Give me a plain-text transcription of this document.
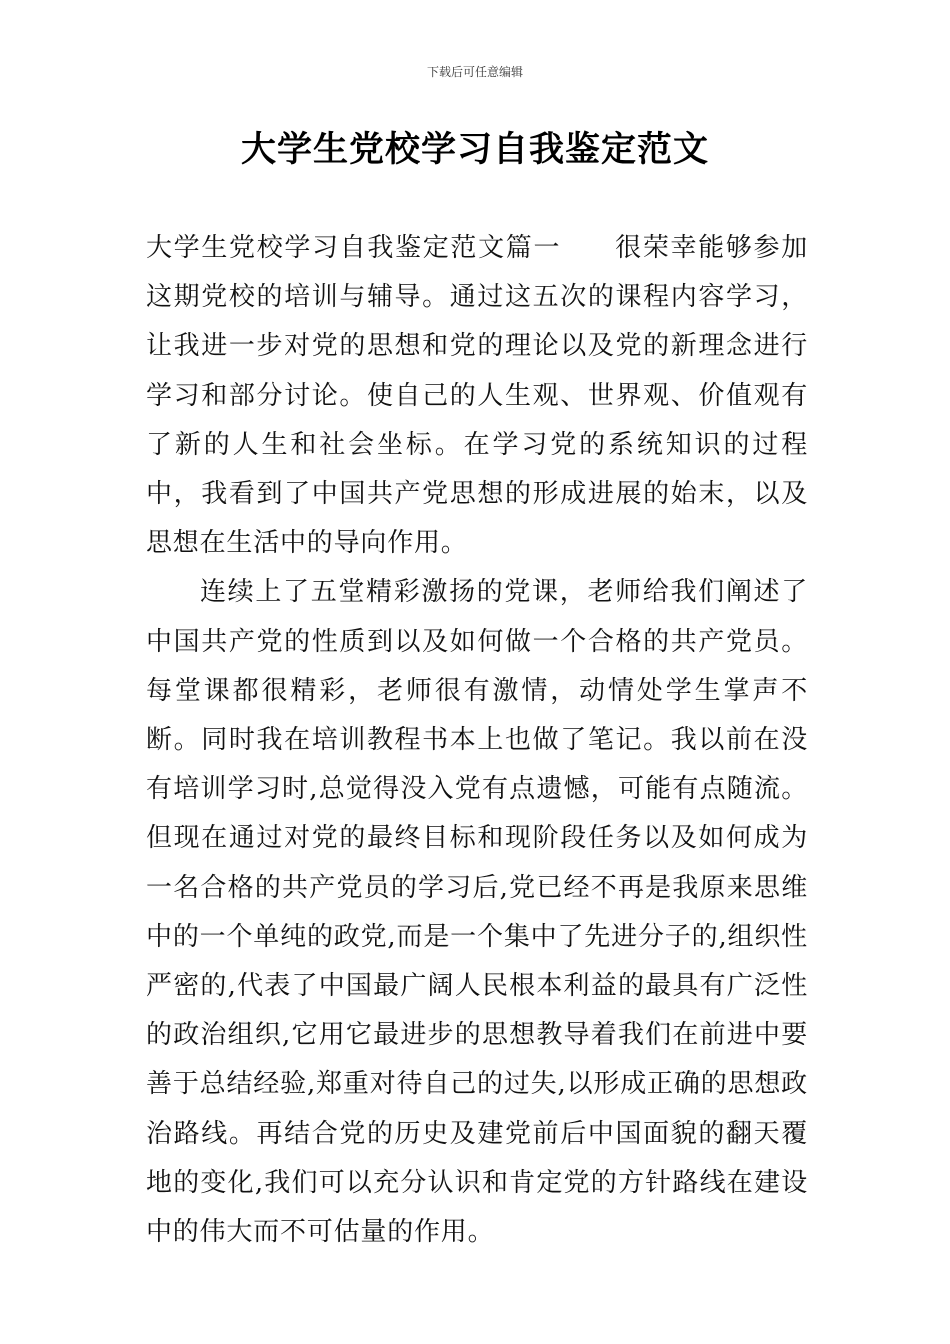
下载后可任意编辑
大学生党校学习自我鉴定范文

大学生党校学习自我鉴定范文篇一 很荣幸能够参加这期党校的培训与辅导。通过这五次的课程内容学习，让我进一步对党的思想和党的理论以及党的新理念进行学习和部分讨论。使自己的人生观、世界观、价值观有了新的人生和社会坐标。在学习党的系统知识的过程中，我看到了中国共产党思想的形成进展的始末，以及思想在生活中的导向作用。

连续上了五堂精彩激扬的党课，老师给我们阐述了中国共产党的性质到以及如何做一个合格的共产党员。每堂课都很精彩，老师很有激情，动情处学生掌声不断。同时我在培训教程书本上也做了笔记。我以前在没有培训学习时,总觉得没入党有点遗憾，可能有点随流。但现在通过对党的最终目标和现阶段任务以及如何成为一名合格的共产党员的学习后,党已经不再是我原来思维中的一个单纯的政党,而是一个集中了先进分子的,组织性严密的,代表了中国最广阔人民根本利益的最具有广泛性的政治组织,它用它最进步的思想教导着我们在前进中要善于总结经验,郑重对待自己的过失,以形成正确的思想政治路线。再结合党的历史及建党前后中国面貌的翻天覆地的变化,我们可以充分认识和肯定党的方针路线在建设中的伟大而不可估量的作用。
